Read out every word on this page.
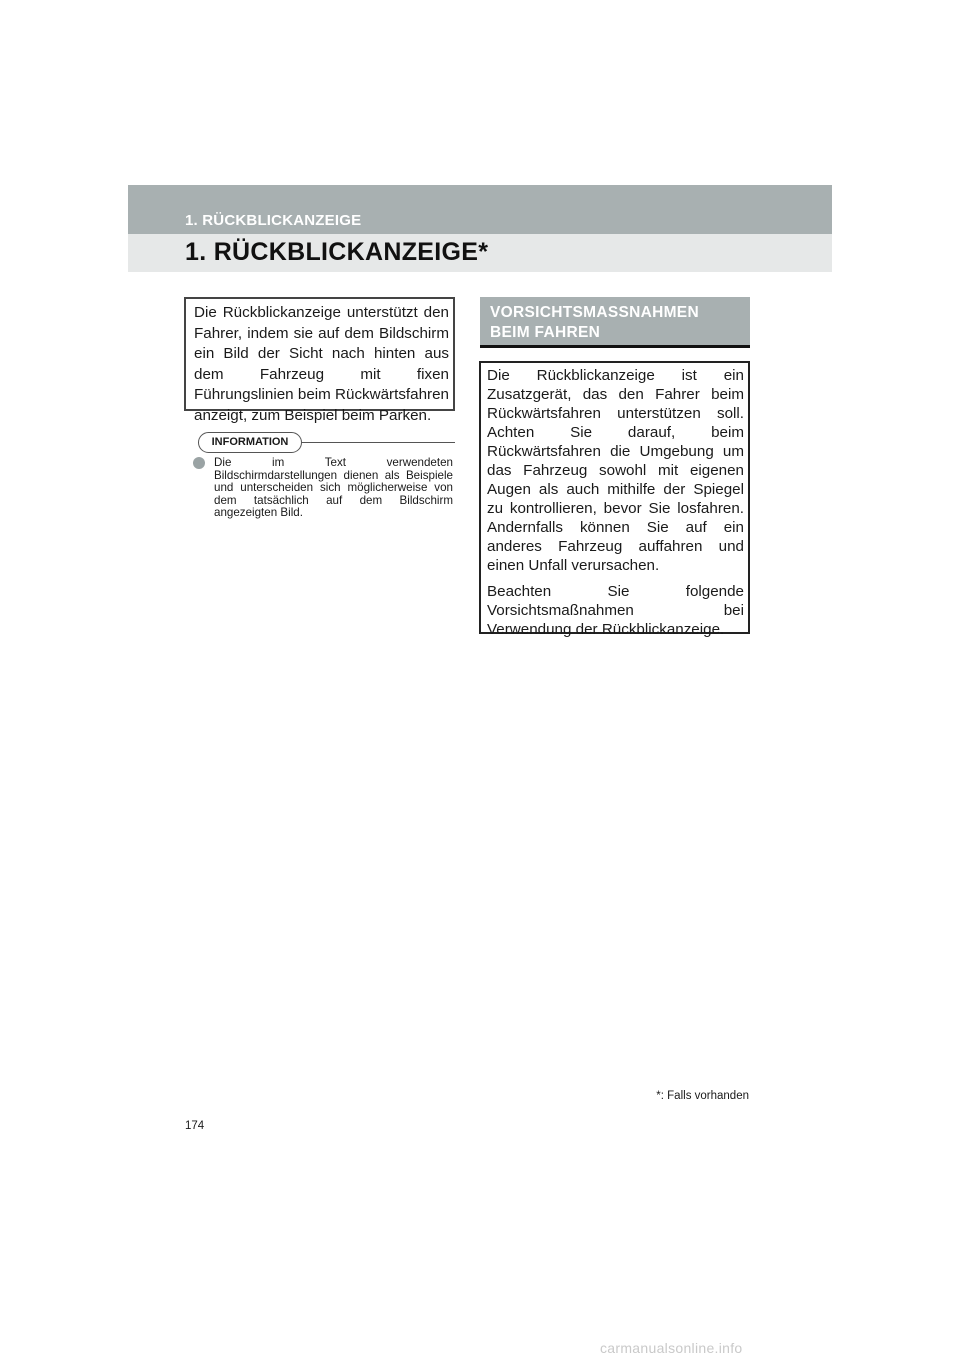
1. RÜCKBLICKANZEIGE
1. RÜCKBLICKANZEIGE*
Die Rückblickanzeige unterstützt den Fahrer, indem sie auf dem Bildschirm ein Bild der Sicht nach hinten aus dem Fahrzeug mit fixen Führungslinien beim Rückwärtsfahren anzeigt, zum Beispiel beim Parken.
INFORMATION
Die im Text verwendeten Bildschirmdarstellungen dienen als Beispiele und unterscheiden sich möglicherweise von dem tatsächlich auf dem Bildschirm angezeigten Bild.
VORSICHTSMASSNAHMEN BEIM FAHREN

Die Rückblickanzeige ist ein Zusatzgerät, das den Fahrer beim Rückwärtsfahren unterstützen soll. Achten Sie darauf, beim Rückwärtsfahren die Umgebung um das Fahrzeug sowohl mit eigenen Augen als auch mithilfe der Spiegel zu kontrollieren, bevor Sie losfahren. Andernfalls können Sie auf ein anderes Fahrzeug auffahren und einen Unfall verursachen.

Beachten Sie folgende Vorsichtsmaßnahmen bei Verwendung der Rückblickanzeige.

*: Falls vorhanden
174
carmanualsonline.info
